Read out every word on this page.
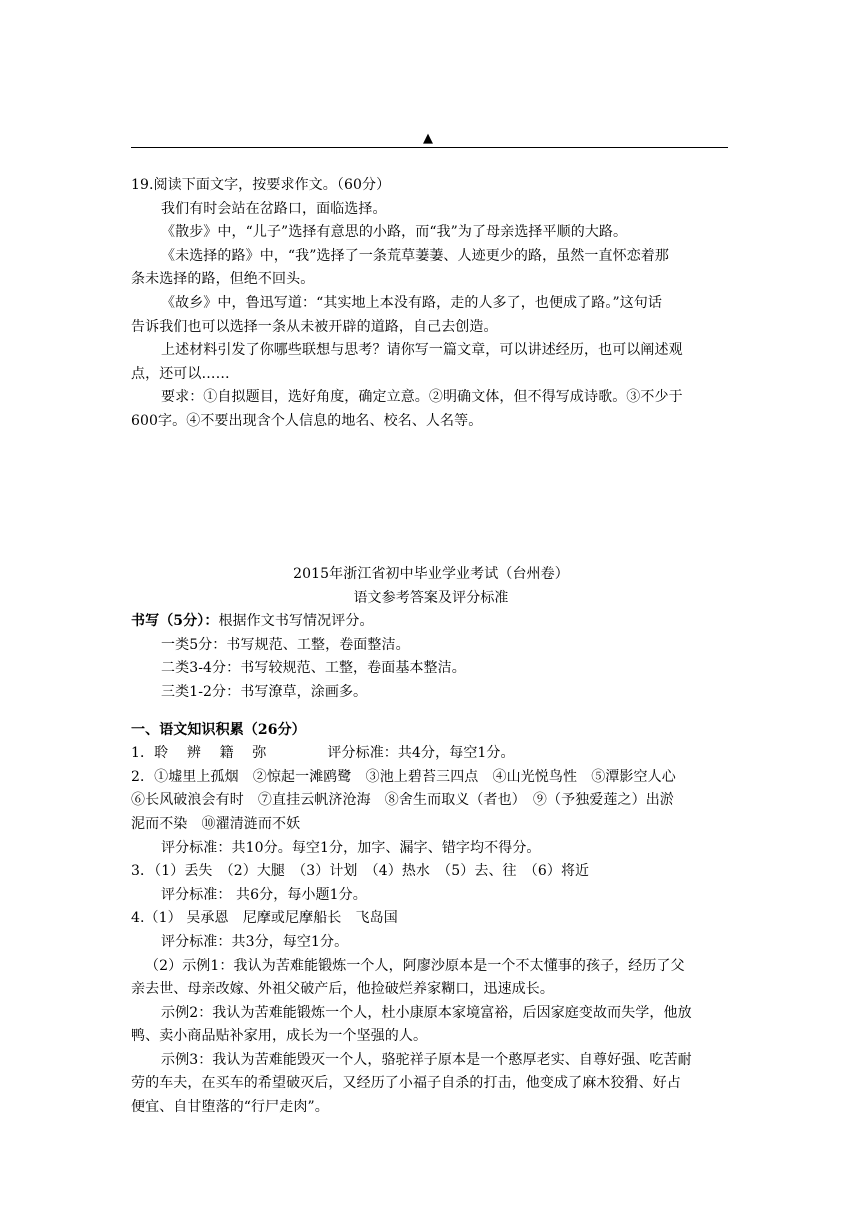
▲
19.阅读下面文字，按要求作文。（60分）
我们有时会站在岔路口，面临选择。
《散步》中，“儿子”选择有意思的小路，而“我”为了母亲选择平顺的大路。
《未选择的路》中，“我”选择了一条荒草萋萋、人迹更少的路，虽然一直怀恋着那
条未选择的路，但绝不回头。
《故乡》中，鲁迅写道：“其实地上本没有路，走的人多了，也便成了路。”这句话
告诉我们也可以选择一条从未被开辟的道路，自己去创造。
上述材料引发了你哪些联想与思考？请你写一篇文章，可以讲述经历，也可以阐述观
点，还可以……
要求：①自拟题目，选好角度，确定立意。②明确文体，但不得写成诗歌。③不少于
600字。④不要出现含个人信息的地名、校名、人名等。
2015年浙江省初中毕业学业考试（台州卷）
语文参考答案及评分标准
书写（5分）：根据作文书写情况评分。
一类5分：书写规范、工整，卷面整洁。
二类3-4分：书写较规范、工整，卷面基本整洁。
三类1-2分：书写潦草，涂画多。
一、语文知识积累（26分）
1．聆　 辨　 籍　 弥　　　　 评分标准：共4分，每空1分。
2．①墟里上孤烟　②惊起一滩鸥鹭　③池上碧苔三四点　④山光悦鸟性　⑤潭影空人心
⑥长风破浪会有时　⑦直挂云帆济沧海　⑧舍生而取义（者也）　⑨（予独爱莲之）出淤
泥而不染　⑩濯清涟而不妖
评分标准：共10分。每空1分，加字、漏字、错字均不得分。
3．（1）丢失　（2）大腿　（3）计划　（4）热水　（5）去、往　（6）将近
评分标准： 共6分，每小题1分。
4.（1） 吴承恩　尼摩或尼摩船长　飞岛国
评分标准：共3分，每空1分。
（2）示例1：我认为苦难能锻炼一个人，阿廖沙原本是一个不太懂事的孩子，经历了父
亲去世、母亲改嫁、外祖父破产后，他捡破烂养家糊口，迅速成长。
示例2：我认为苦难能锻炼一个人，杜小康原本家境富裕，后因家庭变故而失学，他放
鸭、卖小商品贴补家用，成长为一个坚强的人。
示例3：我认为苦难能毁灭一个人，骆驼祥子原本是一个憨厚老实、自尊好强、吃苦耐
劳的车夫，在买车的希望破灭后，又经历了小福子自杀的打击，他变成了麻木狡猾、好占
便宜、自甘堕落的“行尸走肉”。
